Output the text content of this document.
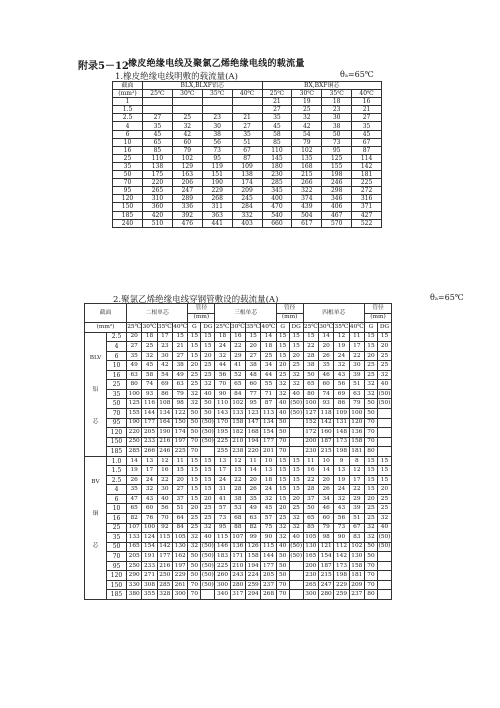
附录5－12 橡皮绝缘电线及聚氯乙烯绝缘电线的载流量
1.橡皮绝缘电线明敷的载流量(A)	θₐ=65℃
截面	BLX,BLXF铝芯				BX,BXF铜芯			
(mm²)	25℃	30℃	35℃	40℃	25℃	30℃	35℃	40℃
1					21	19	18	16
1.5					27	25	23	21
2.5	27	25	23	21	35	32	30	27
4	35	32	30	27	45	42	38	35
6	45	42	38	35	58	54	50	45
10	65	60	56	51	85	79	73	67
16	85	79	73	67	110	102	95	87
25	110	102	95	87	145	135	125	114
35	138	129	119	109	180	168	155	142
50	175	163	151	138	230	215	198	181
70	220	206	190	174	285	266	246	225
95	265	247	229	209	345	322	298	272
120	310	289	268	245	400	374	346	316
150	360	336	311	284	470	439	406	371
185	420	392	363	332	540	504	467	427
240	510	476	441	403	660	617	570	522
2.聚氯乙烯绝缘电线穿钢管敷设的载流量(A)	θₐ=65℃
截面		二根单芯				管径		三根单芯				管径		四根单芯				管径	
						(mm)						(mm)						(mm)	
(mm²)		25℃	30℃	35℃	40℃	G	DG	25℃	30℃	35℃	40℃	G	DG	25℃	30℃	35℃	40℃	G	DG

BLV
铝
芯	2.5	20	18	17	15	15	15	18	16	15	14	15	15	15	14	12	11	15	15
	4	27	25	23	21	15	15	24	22	20	18	15	15	22	20	19	17	15	20
	6	35	32	30	27	15	20	32	29	27	25	15	20	28	26	24	22	20	25
	10	49	45	42	38	20	25	44	41	38	34	20	25	38	35	32	30	25	25
	16	63	58	54	49	25	25	56	52	48	44	25	32	50	46	43	39	25	32
	25	80	74	69	63	25	32	70	65	60	55	32	32	65	60	56	51	32	40
	35	100	93	86	79	32	40	90	84	77	71	32	40	80	74	69	63	32	(50)
	50	125	116	108	98	32	50	110	102	95	87	40	(50)	100	93	86	79	50	(50)
	70	155	144	134	122	50	50	143	133	123	113	40	(50)	127	118	109	100	50	
	95	190	177	164	150	50	(50)	170	158	147	134	50		152	142	131	120	70	
	120	220	205	190	174	50	(50)	195	182	168	154	50		172	160	148	136	70	
	150	250	233	216	197	70	(50)	225	210	194	177	70		200	187	173	158	70	
	185	285	266	246	225	70		255	238	220	201	70		230	215	198	181	80	

BV
铜
芯	1.0	14	13	12	11	15	15	13	12	11	10	15	15	11	10	9	8	15	15
	1.5	19	17	16	15	15	15	17	15	14	13	15	15	16	14	13	12	15	15
	2.5	26	24	22	20	15	15	24	22	20	18	15	15	22	20	19	17	15	15
	4	35	32	30	27	15	15	31	28	26	24	15	15	28	26	24	22	15	20
	6	47	43	40	37	15	20	41	38	35	32	15	20	37	34	32	29	20	25
	10	65	60	56	51	20	25	57	53	49	45	20	25	50	46	43	39	25	25
	16	82	76	70	64	25	25	73	68	63	57	25	32	65	60	56	51	25	32
	25	107	100	92	84	25	32	95	88	82	75	32	32	85	79	73	67	32	40
	35	133	124	115	105	32	40	115	107	99	90	32	40	105	98	90	83	32	(50)
	50	165	154	142	130	32	(50)	146	136	126	115	40	(50)	130	121	112	102	50	(50)
	70	205	191	177	162	50	(50)	183	171	158	144	50	(50)	165	154	142	130	50	
	95	250	233	216	197	50	(50)	225	210	194	177	50		200	187	173	158	70	
	120	290	271	250	229	50	(50)	260	243	224	205	50		230	215	198	181	70	
	150	330	308	285	261	70	(50)	300	280	259	237	70		265	247	229	209	70	
	185	380	355	328	300	70		340	317	294	268	70		300	280	259	237	80	
